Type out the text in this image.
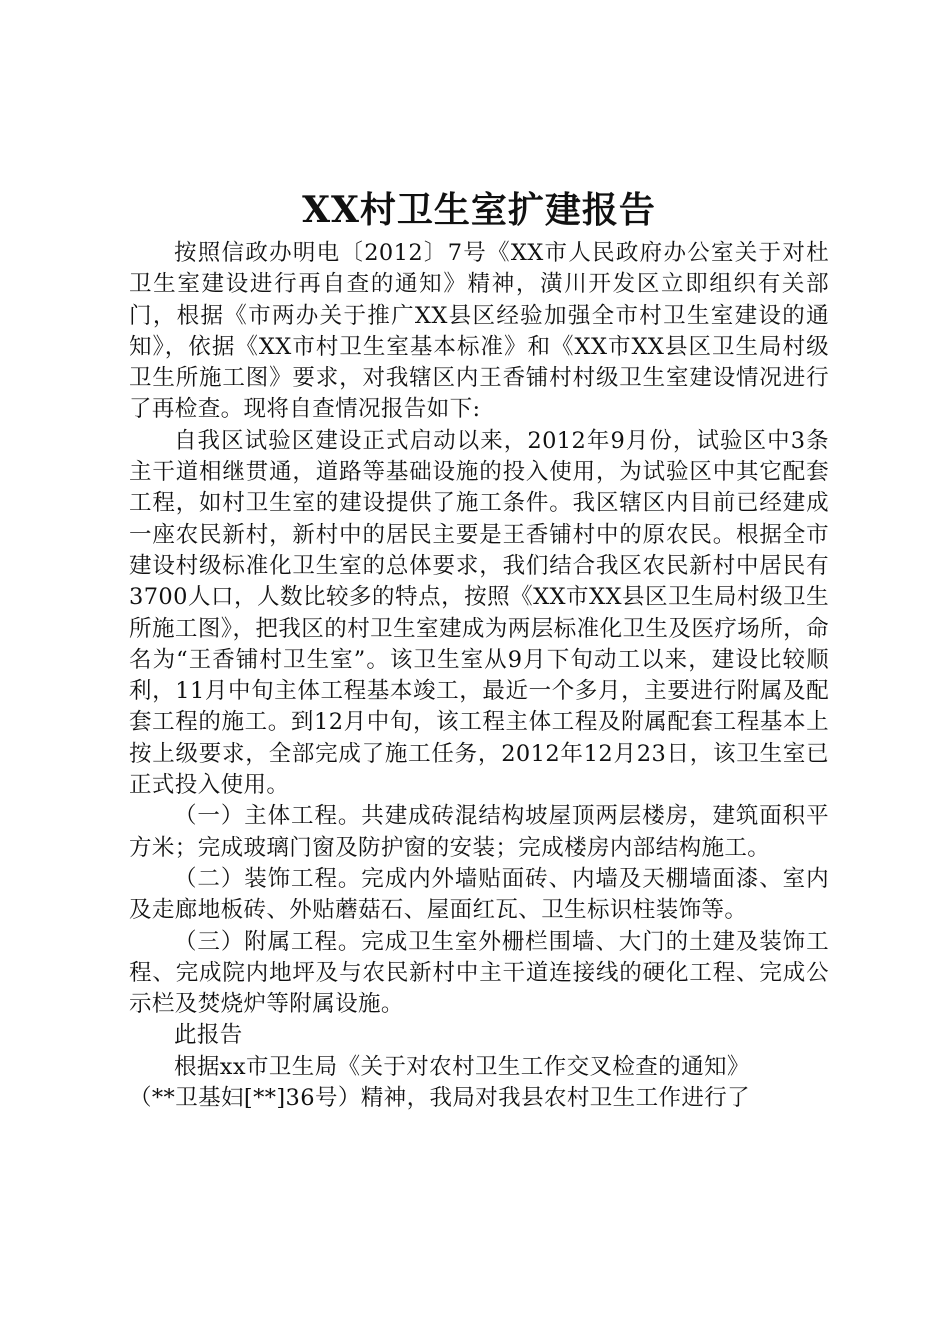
XX村卫生室扩建报告

按照信政办明电〔2012〕7号《XX市人民政府办公室关于对杜卫生室建设进行再自查的通知》精神，潢川开发区立即组织有关部门，根据《市两办关于推广XX县区经验加强全市村卫生室建设的通知》，依据《XX市村卫生室基本标准》和《XX市XX县区卫生局村级卫生所施工图》要求，对我辖区内王香铺村村级卫生室建设情况进行了再检查。现将自查情况报告如下:

自我区试验区建设正式启动以来，2012年9月份，试验区中3条主干道相继贯通，道路等基础设施的投入使用，为试验区中其它配套工程，如村卫生室的建设提供了施工条件。我区辖区内目前已经建成一座农民新村，新村中的居民主要是王香铺村中的原农民。根据全市建设村级标准化卫生室的总体要求，我们结合我区农民新村中居民有3700人口，人数比较多的特点，按照《XX市XX县区卫生局村级卫生所施工图》，把我区的村卫生室建成为两层标准化卫生及医疗场所，命名为“王香铺村卫生室”。该卫生室从9月下旬动工以来，建设比较顺利，11月中旬主体工程基本竣工，最近一个多月，主要进行附属及配套工程的施工。到12月中旬，该工程主体工程及附属配套工程基本上按上级要求，全部完成了施工任务，2012年12月23日，该卫生室已正式投入使用。

（一）主体工程。共建成砖混结构坡屋顶两层楼房，建筑面积平方米；完成玻璃门窗及防护窗的安装；完成楼房内部结构施工。

（二）装饰工程。完成内外墙贴面砖、内墙及天棚墙面漆、室内及走廊地板砖、外贴蘑菇石、屋面红瓦、卫生标识柱装饰等。

（三）附属工程。完成卫生室外栅栏围墙、大门的土建及装饰工程、完成院内地坪及与农民新村中主干道连接线的硬化工程、完成公示栏及焚烧炉等附属设施。

此报告

根据xx市卫生局《关于对农村卫生工作交叉检查的通知》

（**卫基妇[**]36号）精神，我局对我县农村卫生工作进行了
